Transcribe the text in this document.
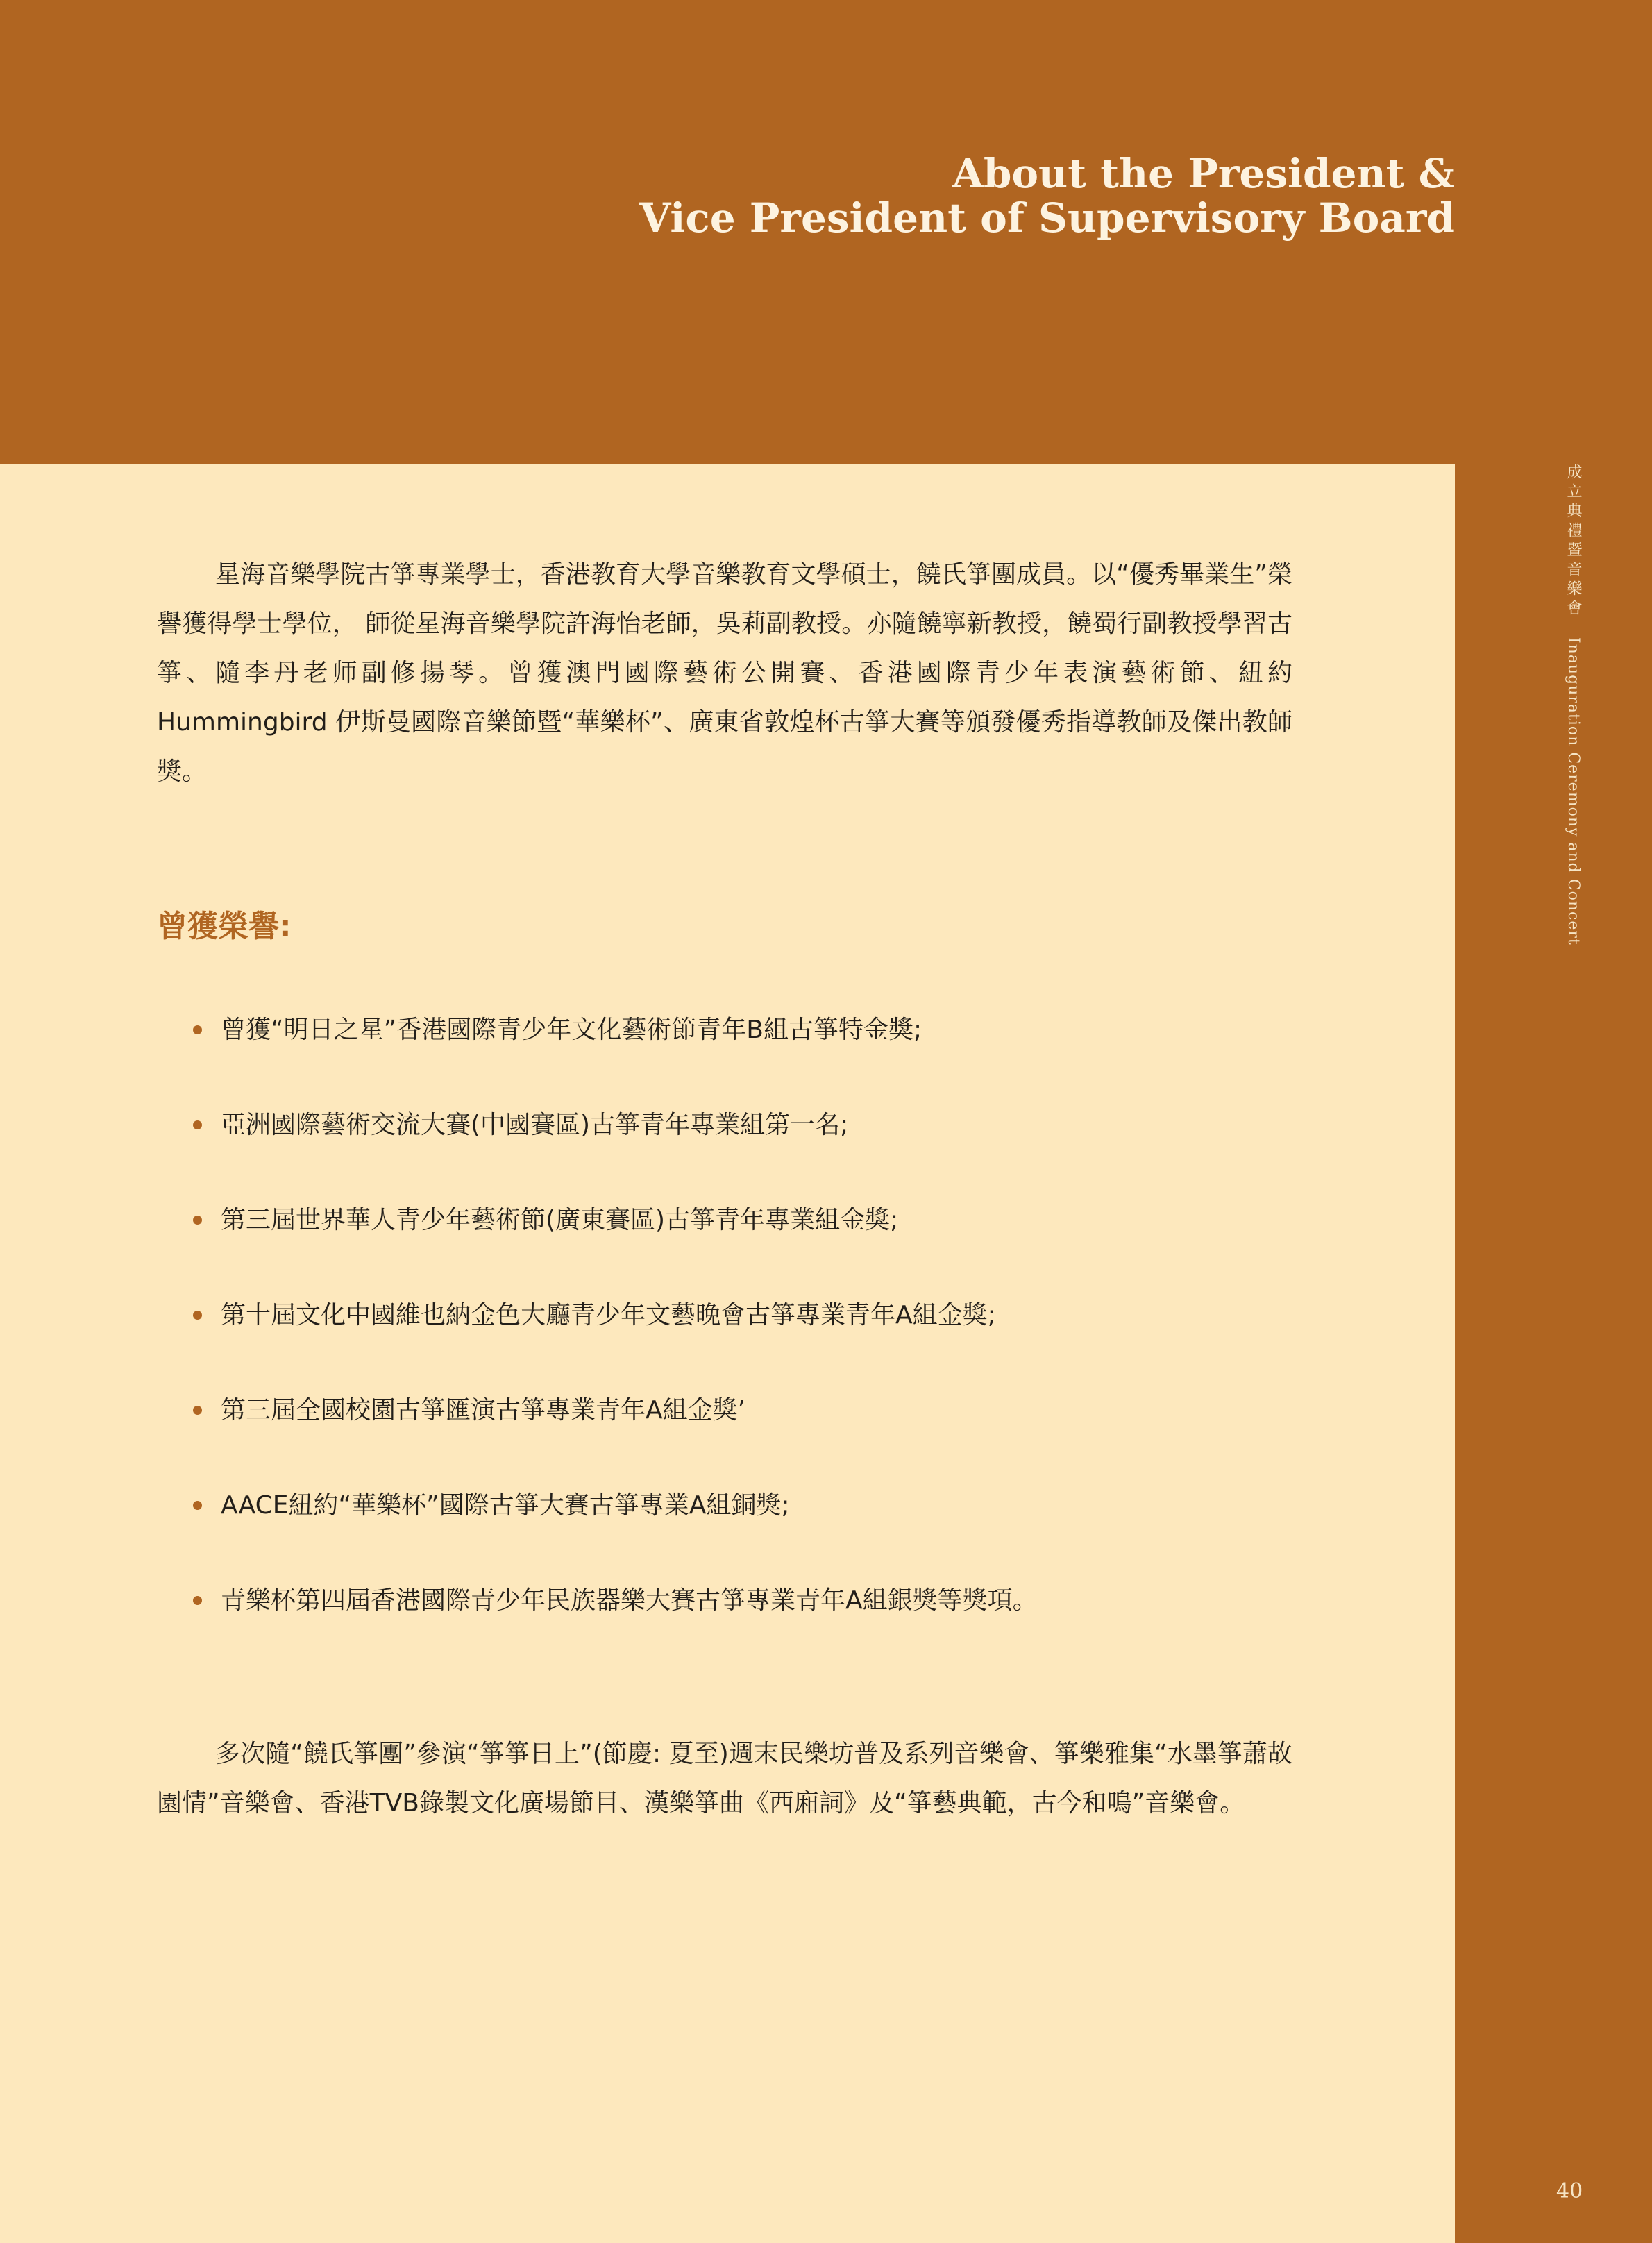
About the President &
Vice President of Supervisory Board
成立典禮暨音樂會Inauguration Ceremony and Concert
40

星海音樂學院古箏專業學士，香港教育大學音樂教育文學碩士，饒氏箏團成員。以“優秀畢業生”榮譽獲得學士學位， 師從星海音樂學院許海怡老師，吳莉副教授。亦隨饒寧新教授，饒蜀行副教授學習古箏、隨李丹老师副修揚琴。曾獲澳門國際藝術公開賽、香港國際青少年表演藝術節、紐約 Hummingbird 伊斯曼國際音樂節暨“華樂杯”、廣東省敦煌杯古箏大賽等頒發優秀指導教師及傑出教師獎。

曾獲榮譽:
曾獲“明日之星”香港國際青少年文化藝術節青年B組古箏特金獎;
亞洲國際藝術交流大賽(中國賽區)古箏青年專業組第一名;
第三屆世界華人青少年藝術節(廣東賽區)古箏青年專業組金獎;
第十屆文化中國維也納金色大廳青少年文藝晚會古箏專業青年A組金獎;
第三屆全國校園古箏匯演古箏專業青年A組金獎’
AACE紐約“華樂杯”國際古箏大賽古箏專業A組銅獎;
青樂杯第四屆香港國際青少年民族器樂大賽古箏專業青年A組銀獎等獎項。

多次隨“饒氏箏團”參演“箏箏日上”(節慶: 夏至)週末民樂坊普及系列音樂會、箏樂雅集“水墨箏蕭故園情”音樂會、香港TVB錄製文化廣場節目、漢樂箏曲《西廂詞》及“箏藝典範，古今和鳴”音樂會。
